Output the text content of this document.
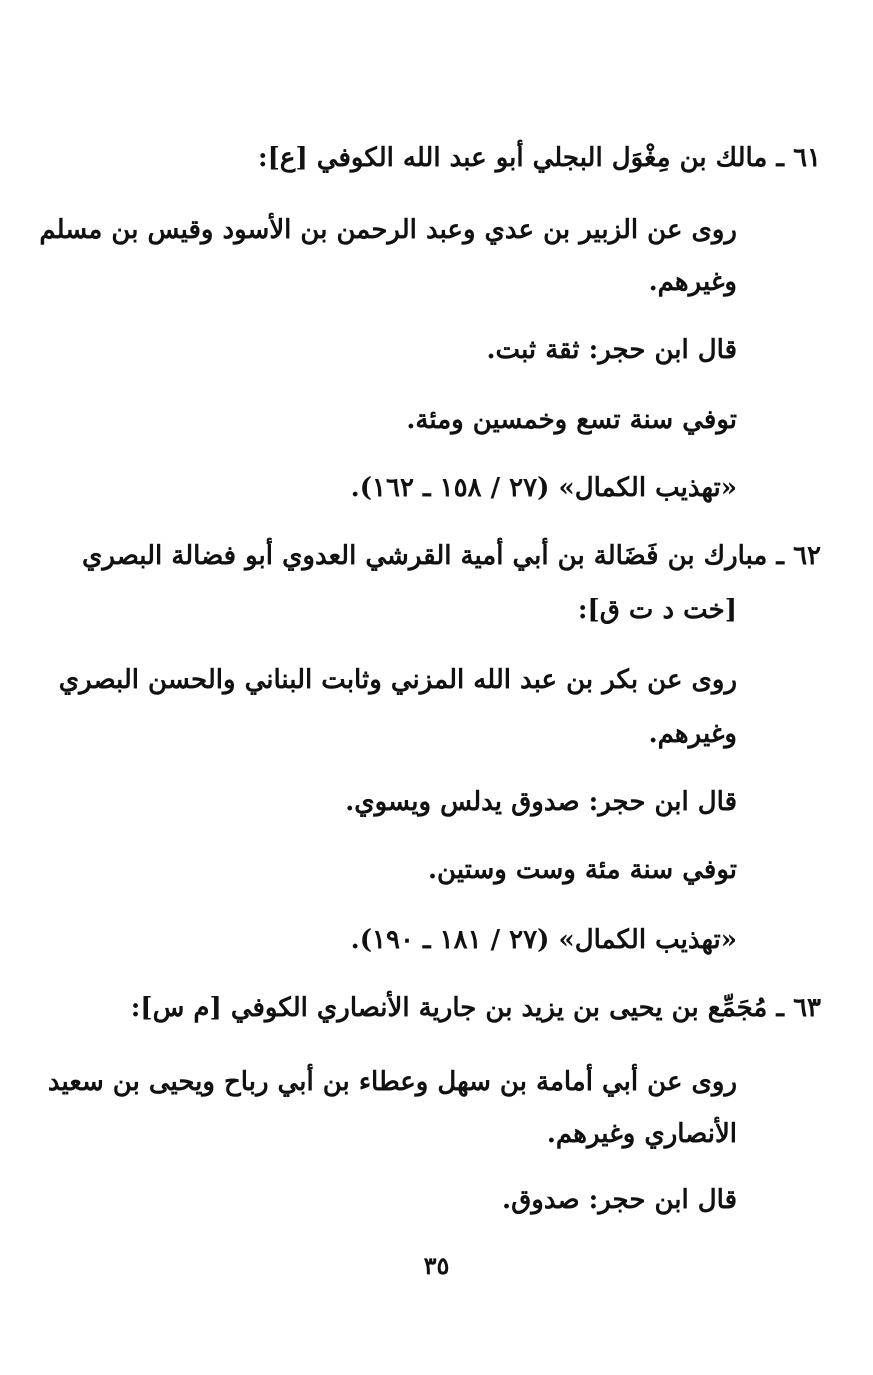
٦١ ـ مالك بن مِغْوَل البجلي أبو عبد الله الكوفي [ع]:
روى عن الزبير بن عدي وعبد الرحمن بن الأسود وقيس بن مسلم
وغيرهم.
قال ابن حجر: ثقة ثبت.
توفي سنة تسع وخمسين ومئة.
«تهذيب الكمال» (٢٧ / ١٥٨ ـ ١٦٢).
٦٢ ـ مبارك بن فَضَالة بن أبي أمية القرشي العدوي أبو فضالة البصري
[خت د ت ق]:
روى عن بكر بن عبد الله المزني وثابت البناني والحسن البصري
وغيرهم.
قال ابن حجر: صدوق يدلس ويسوي.
توفي سنة مئة وست وستين.
«تهذيب الكمال» (٢٧ / ١٨١ ـ ١٩٠).
٦٣ ـ مُجَمِّع بن يحيى بن يزيد بن جارية الأنصاري الكوفي [م س]:
روى عن أبي أمامة بن سهل وعطاء بن أبي رباح ويحيى بن سعيد
الأنصاري وغيرهم.
قال ابن حجر: صدوق.
٣٥
